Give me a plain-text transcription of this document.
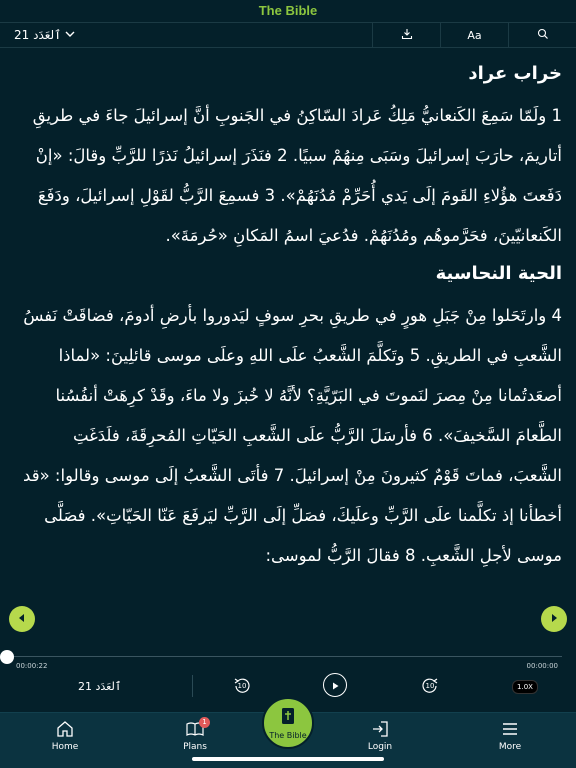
The Bible
ٱلعَدَد 21	Aa
خراب عراد
1 ولَمّا سَمِعَ الكَنعانيُّ مَلِكُ عَرادَ السّاكِنُ في الجَنوبِ أنَّ إسرائيلَ جاءَ في طريقِ أتاريمَ، حارَبَ إسرائيلَ وسَبَى مِنهُمْ سبيًا. 2 فنَذَرَ إسرائيلُ نَذرًا للرَّبِّ وقالَ: «إنْ دَفَعتَ هؤُلاءِ القَومَ إلَى يَدي أُحَرِّمْ مُدُنَهُمْ». 3 فسمِعَ الرَّبُّ لقَوْلِ إسرائيلَ، ودَفَعَ الكَنعانيّينَ، فحَرَّموهُم ومُدُنَهُمْ. فدُعيَ اسمُ المَكانِ «حُرمَةَ».
الحية النحاسية
4 وارتَحَلوا مِنْ جَبَلِ هورٍ في طريقِ بحرِ سوفٍ ليَدوروا بأرضِ أدومَ، فضاقَتْ نَفسُ الشَّعبِ في الطريقِ. 5 وتَكلَّمَ الشَّعبُ علَى اللهِ وعلَى موسى قائلِينَ: «لماذا أصعَدتُمانا مِنْ مِصرَ لنَموتَ في البَرّيَّةِ؟ لأنَّهُ لا خُبزَ ولا ماءَ، وقَدْ كرِهَتْ أنفُسُنا الطَّعامَ السَّخيفَ». 6 فأرسَلَ الرَّبُّ علَى الشَّعبِ الحَيّاتِ المُحرِقَةَ، فلَدَغَتِ الشَّعبَ، فماتَ قَوْمٌ كثيرونَ مِنْ إسرائيلَ. 7 فأتَى الشَّعبُ إلَى موسى وقالوا: «قد أخطأنا إذ تكلَّمنا علَى الرَّبِّ وعلَيكَ، فصَلِّ إلَى الرَّبِّ ليَرفَعَ عَنّا الحَيّاتِ». فصَلَّى موسى لأجلِ الشَّعبِ. 8 فقالَ الرَّبُّ لموسى:
00:00:22	00:00:00
ٱلعَدَد 21	10	10	1.0X
Home
1
Plans	Login	More
The Bible
